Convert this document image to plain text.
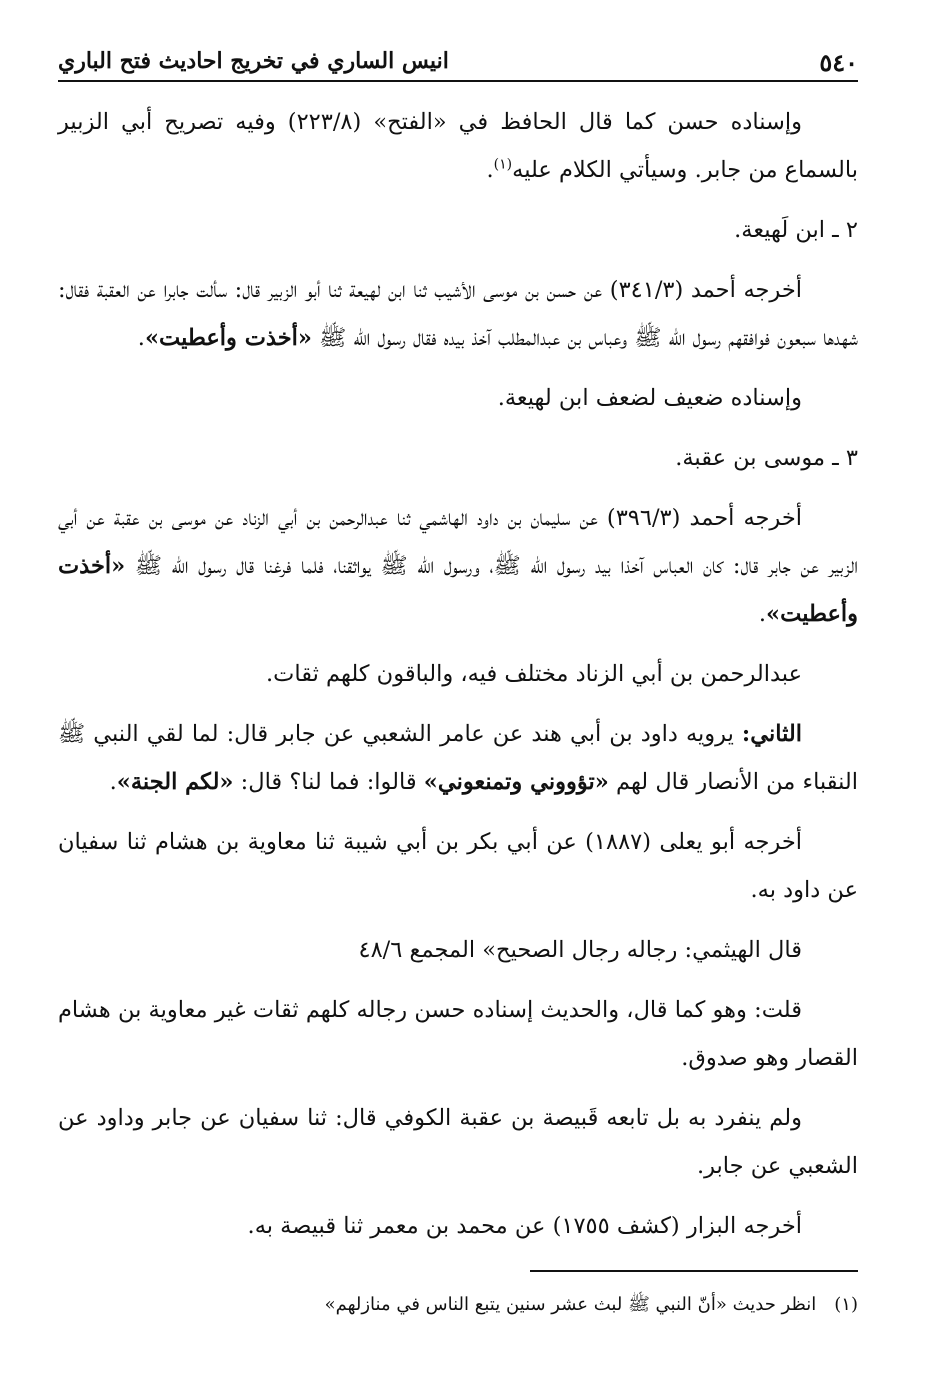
٥٤٠
انيس الساري في تخريج احاديث فتح الباري

وإسناده حسن كما قال الحافظ في «الفتح» (٢٢٣/٨) وفيه تصريح أبي الزبير بالسماع من جابر. وسيأتي الكلام عليه$^{(١)}$.

٢ ـ ابن لَهيعة.

أخرجه أحمد (٣٤١/٣) عن حسن بن موسى الأشيب ثنا ابن لهيعة ثنا أبو الزبير قال: سألت جابرا عن العقبة فقال: شهدها سبعون فوافقهم رسول الله ﷺ وعباس بن عبدالمطلب آخذ بيده فقال رسول الله ﷺ «أخذت وأعطيت».

وإسناده ضعيف لضعف ابن لهيعة.

٣ ـ موسى بن عقبة.

أخرجه أحمد (٣٩٦/٣) عن سليمان بن داود الهاشمي ثنا عبدالرحمن بن أبي الزناد عن موسى بن عقبة عن أبي الزبير عن جابر قال: كان العباس آخذا بيد رسول الله ﷺ، ورسول الله ﷺ يواثقنا، فلما فرغنا قال رسول الله ﷺ «أخذت وأعطيت».

عبدالرحمن بن أبي الزناد مختلف فيه، والباقون كلهم ثقات.

الثاني: يرويه داود بن أبي هند عن عامر الشعبي عن جابر قال: لما لقي النبي ﷺ النقباء من الأنصار قال لهم «تؤووني وتمنعوني» قالوا: فما لنا؟ قال: «لكم الجنة».

أخرجه أبو يعلى (١٨٨٧) عن أبي بكر بن أبي شيبة ثنا معاوية بن هشام ثنا سفيان عن داود به.

قال الهيثمي: رجاله رجال الصحيح» المجمع ٤٨/٦

قلت: وهو كما قال، والحديث إسناده حسن رجاله كلهم ثقات غير معاوية بن هشام القصار وهو صدوق.

ولم ينفرد به بل تابعه قَبيصة بن عقبة الكوفي قال: ثنا سفيان عن جابر وداود عن الشعبي عن جابر.

أخرجه البزار (كشف ١٧٥٥) عن محمد بن معمر ثنا قبيصة به.

(١)انظر حديث «أنّ النبي ﷺ لبث عشر سنين يتبع الناس في منازلهم»
